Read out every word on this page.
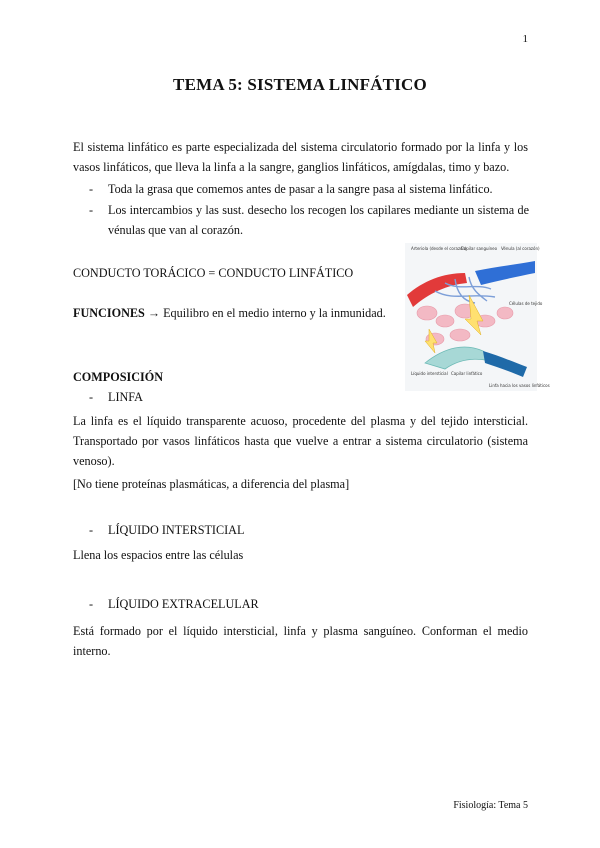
1
TEMA 5: SISTEMA LINFÁTICO
El sistema linfático es parte especializada del sistema circulatorio formado por la linfa y los vasos linfáticos, que lleva la linfa a la sangre, ganglios linfáticos, amígdalas, timo y bazo.
- Toda la grasa que comemos antes de pasar a la sangre pasa al sistema linfático.
- Los intercambios y las sust. desecho los recogen los capilares mediante un sistema de vénulas que van al corazón.
CONDUCTO TORÁCICO = CONDUCTO LINFÁTICO
FUNCIONES → Equilibro en el medio interno y la inmunidad.
Arteriola (desde el corazón)
Capilar sanguíneo Vénula (al corazón)
Células de tejido
Líquido intersticial Capilar linfático
Linfa hacia los vasos linfáticos
COMPOSICIÓN
- LINFA
La linfa es el líquido transparente acuoso, procedente del plasma y del tejido intersticial. Transportado por vasos linfáticos hasta que vuelve a entrar a sistema circulatorio (sistema venoso).
[No tiene proteínas plasmáticas, a diferencia del plasma]
- LÍQUIDO INTERSTICIAL
Llena los espacios entre las células
- LÍQUIDO EXTRACELULAR
Está formado por el líquido intersticial, linfa y plasma sanguíneo. Conforman el medio interno.
Fisiología: Tema 5
